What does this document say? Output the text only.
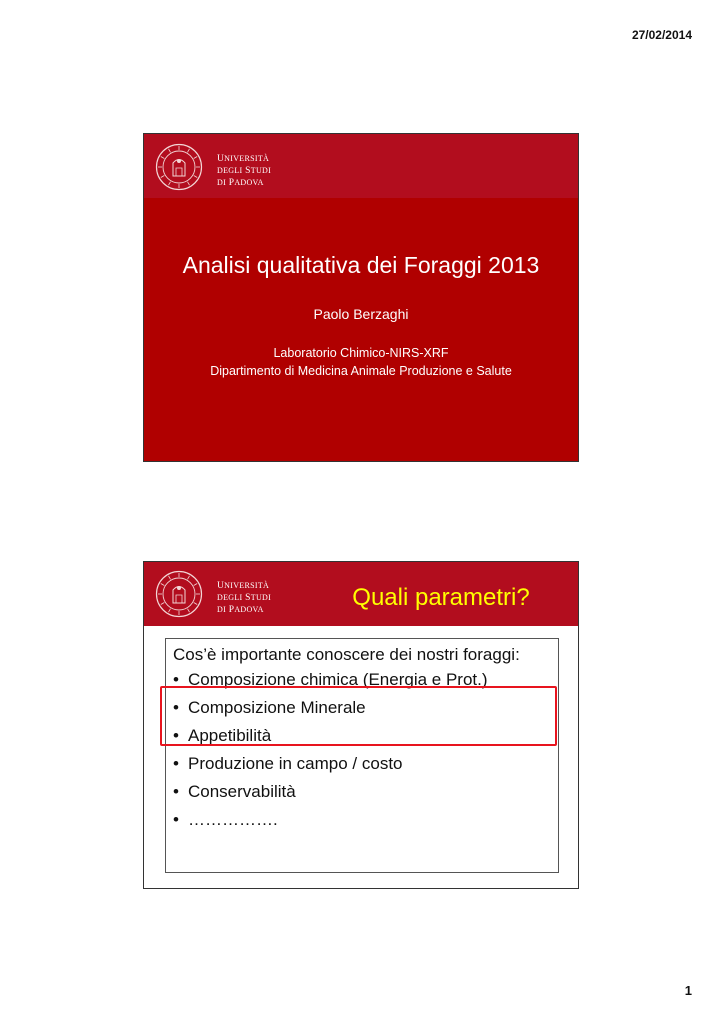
27/02/2014
UNIVERSITÀ
DEGLI STUDI
DI PADOVA
Analisi qualitativa dei Foraggi 2013
Paolo Berzaghi
Laboratorio Chimico-NIRS-XRF
Dipartimento di Medicina Animale Produzione e Salute
UNIVERSITÀ
DEGLI STUDI
DI PADOVA	Quali parametri?
Cos’è importante conoscere dei nostri foraggi:
• Composizione chimica (Energia e Prot.)
• Composizione Minerale
• Appetibilità
• Produzione in campo / costo
• Conservabilità
• …………….
1
